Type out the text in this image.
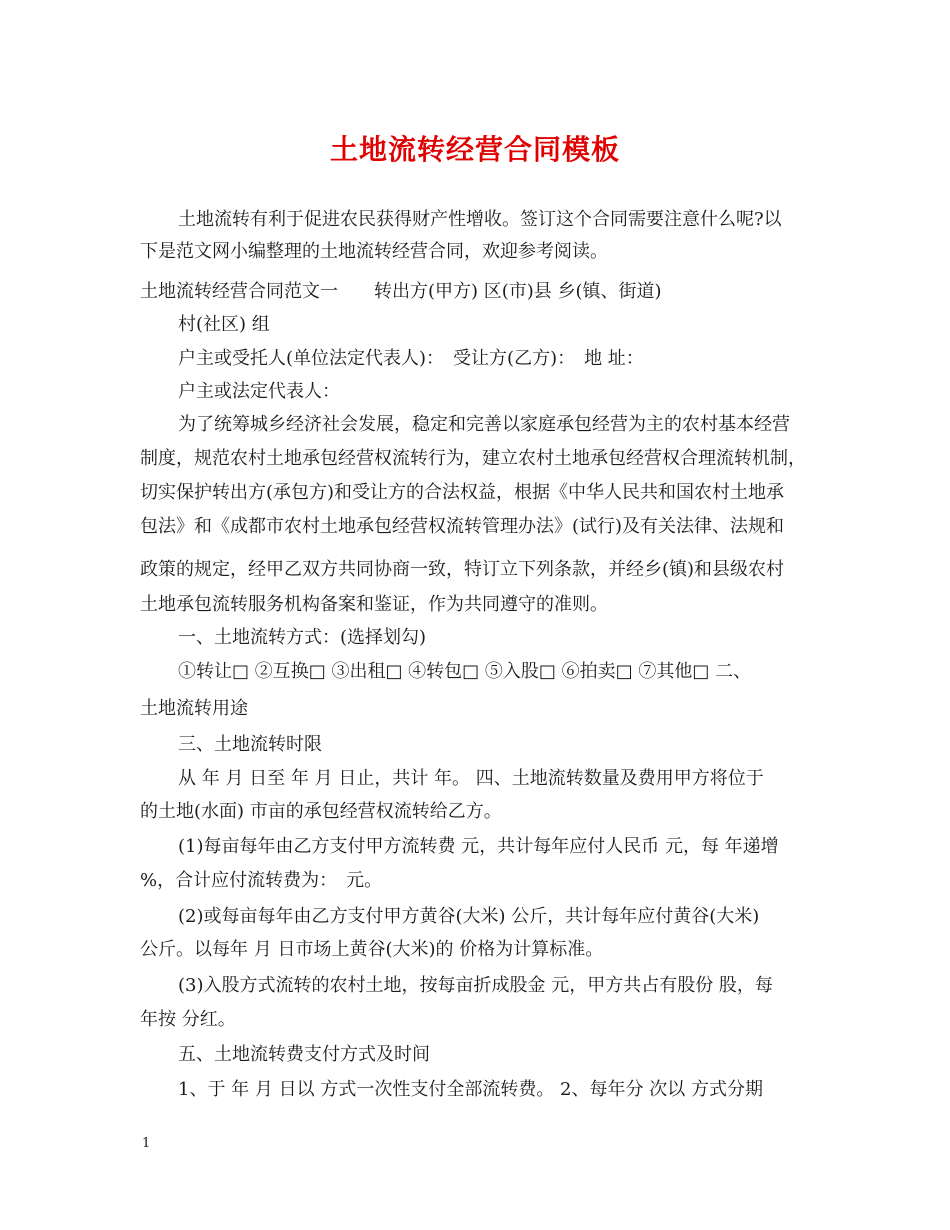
土地流转经营合同模板
土地流转有利于促进农民获得财产性增收。签订这个合同需要注意什么呢?以
下是范文网小编整理的土地流转经营合同，欢迎参考阅读。
土地流转经营合同范文一　　转出方(甲方) 区(市)县 乡(镇、街道)
村(社区) 组
户主或受托人(单位法定代表人)：　受让方(乙方)：　地 址：
户主或法定代表人：
为了统筹城乡经济社会发展，稳定和完善以家庭承包经营为主的农村基本经营
制度，规范农村土地承包经营权流转行为，建立农村土地承包经营权合理流转机制，
切实保护转出方(承包方)和受让方的合法权益，根据《中华人民共和国农村土地承
包法》和《成都市农村土地承包经营权流转管理办法》(试行)及有关法律、法规和
政策的规定，经甲乙双方共同协商一致，特订立下列条款，并经乡(镇)和县级农村
土地承包流转服务机构备案和鉴证，作为共同遵守的准则。
一、土地流转方式：(选择划勾)
①转让□ ②互换□ ③出租□ ④转包□ ⑤入股□ ⑥拍卖□ ⑦其他□ 二、
土地流转用途
三、土地流转时限
从 年 月 日至 年 月 日止，共计 年。 四、土地流转数量及费用甲方将位于
的土地(水面) 市亩的承包经营权流转给乙方。
(1)每亩每年由乙方支付甲方流转费 元，共计每年应付人民币 元，每 年递增
%，合计应付流转费为：　元。
(2)或每亩每年由乙方支付甲方黄谷(大米) 公斤，共计每年应付黄谷(大米)
公斤。以每年 月 日市场上黄谷(大米)的 价格为计算标准。
(3)入股方式流转的农村土地，按每亩折成股金 元，甲方共占有股份 股，每
年按 分红。
五、土地流转费支付方式及时间
1、于 年 月 日以 方式一次性支付全部流转费。 2、每年分 次以 方式分期
1
